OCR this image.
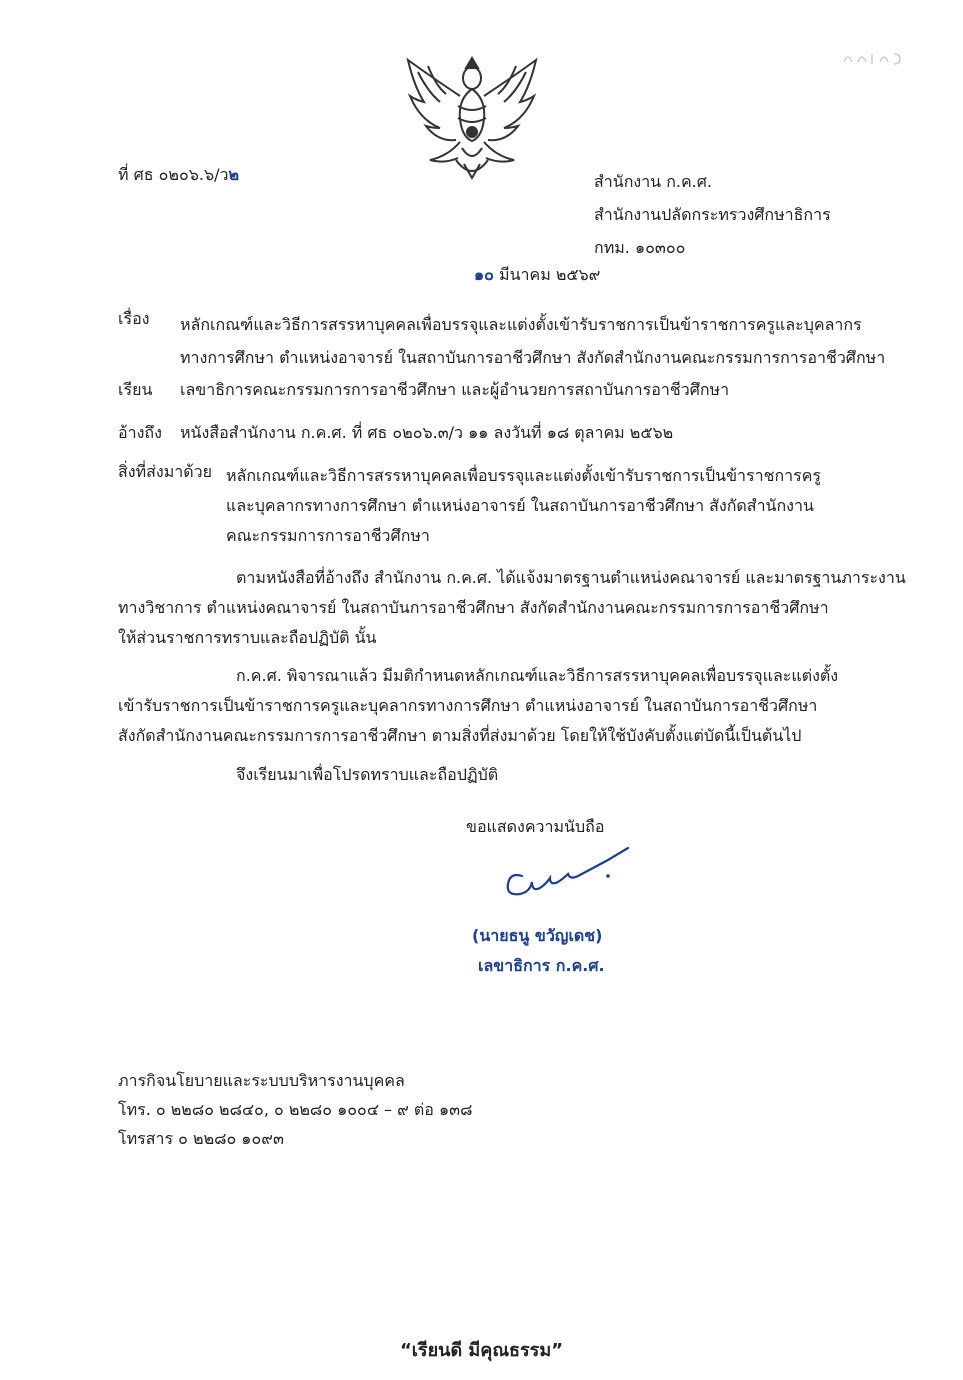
ที่ ศธ ๐๒๐๖.๖/ว๒	สำนักงาน ก.ค.ศ.
สำนักงานปลัดกระทรวงศึกษาธิการ
กทม. ๑๐๓๐๐
๑๐ มีนาคม ๒๕๖๙
เรื่อง หลักเกณฑ์และวิธีการสรรหาบุคคลเพื่อบรรจุและแต่งตั้งเข้ารับราชการเป็นข้าราชการครูและบุคลากร
ทางการศึกษา ตำแหน่งอาจารย์ ในสถาบันการอาชีวศึกษา สังกัดสำนักงานคณะกรรมการการอาชีวศึกษา
เรียน เลขาธิการคณะกรรมการการอาชีวศึกษา และผู้อำนวยการสถาบันการอาชีวศึกษา
อ้างถึง หนังสือสำนักงาน ก.ค.ศ. ที่ ศธ ๐๒๐๖.๓/ว ๑๑ ลงวันที่ ๑๘ ตุลาคม ๒๕๖๒
สิ่งที่ส่งมาด้วย หลักเกณฑ์และวิธีการสรรหาบุคคลเพื่อบรรจุและแต่งตั้งเข้ารับราชการเป็นข้าราชการครู
และบุคลากรทางการศึกษา ตำแหน่งอาจารย์ ในสถาบันการอาชีวศึกษา สังกัดสำนักงาน
คณะกรรมการการอาชีวศึกษา
ตามหนังสือที่อ้างถึง สำนักงาน ก.ค.ศ. ได้แจ้งมาตรฐานตำแหน่งคณาจารย์ และมาตรฐานภาระงาน
ทางวิชาการ ตำแหน่งคณาจารย์ ในสถาบันการอาชีวศึกษา สังกัดสำนักงานคณะกรรมการการอาชีวศึกษา
ให้ส่วนราชการทราบและถือปฏิบัติ นั้น
ก.ค.ศ. พิจารณาแล้ว มีมติกำหนดหลักเกณฑ์และวิธีการสรรหาบุคคลเพื่อบรรจุและแต่งตั้ง
เข้ารับราชการเป็นข้าราชการครูและบุคลากรทางการศึกษา ตำแหน่งอาจารย์ ในสถาบันการอาชีวศึกษา
สังกัดสำนักงานคณะกรรมการการอาชีวศึกษา ตามสิ่งที่ส่งมาด้วย โดยให้ใช้บังคับตั้งแต่บัดนี้เป็นต้นไป
จึงเรียนมาเพื่อโปรดทราบและถือปฏิบัติ
ขอแสดงความนับถือ
(นายธนู ขวัญเดช)
เลขาธิการ ก.ค.ศ.
ภารกิจนโยบายและระบบบริหารงานบุคคล
โทร. ๐ ๒๒๘๐ ๒๘๔๐, ๐ ๒๒๘๐ ๑๐๐๔ – ๙ ต่อ ๑๓๘
โทรสาร ๐ ๒๒๘๐ ๑๐๙๓
“เรียนดี มีคุณธรรม”
